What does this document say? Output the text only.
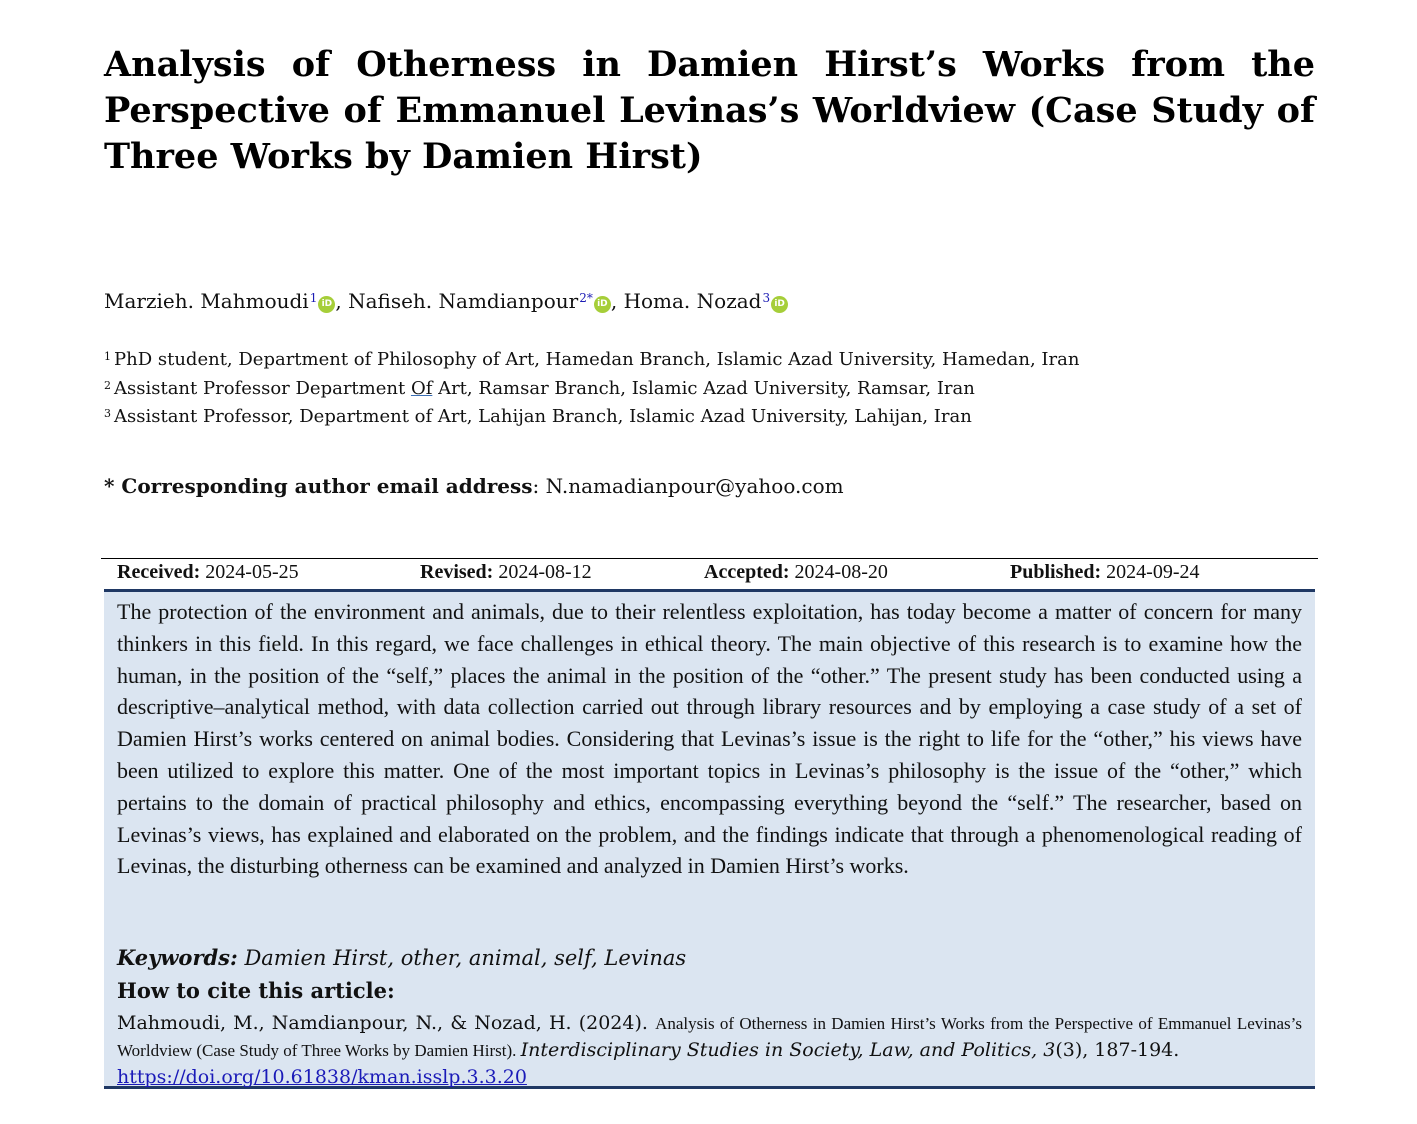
Analysis of Otherness in Damien Hirst’s Works from the Perspective of Emmanuel Levinas’s Worldview (Case Study of Three Works by Damien Hirst)
Marzieh. Mahmoudi$^1$ iD , Nafiseh. Namdianpour$^{2*}$ iD , Homa. Nozad$^3$ iD
$^1$ PhD student, Department of Philosophy of Art, Hamedan Branch, Islamic Azad University, Hamedan, Iran
$^2$ Assistant Professor Department Of Art, Ramsar Branch, Islamic Azad University, Ramsar, Iran
$^3$ Assistant Professor, Department of Art, Lahijan Branch, Islamic Azad University, Lahijan, Iran
* Corresponding author email address: N.namadianpour@yahoo.com
Received: 2024-05-25	Revised: 2024-08-12	Accepted: 2024-08-20	Published: 2024-09-24

The protection of the environment and animals, due to their relentless exploitation, has today become a matter of concern for many thinkers in this field. In this regard, we face challenges in ethical theory. The main objective of this research is to examine how the human, in the position of the “self,” places the animal in the position of the “other.” The present study has been conducted using a descriptive–analytical method, with data collection carried out through library resources and by employing a case study of a set of Damien Hirst’s works centered on animal bodies. Considering that Levinas’s issue is the right to life for the “other,” his views have been utilized to explore this matter. One of the most important topics in Levinas’s philosophy is the issue of the “other,” which pertains to the domain of practical philosophy and ethics, encompassing everything beyond the “self.” The researcher, based on Levinas’s views, has explained and elaborated on the problem, and the findings indicate that through a phenomenological reading of Levinas, the disturbing otherness can be examined and analyzed in Damien Hirst’s works.

Keywords: Damien Hirst, other, animal, self, Levinas
How to cite this article:

Mahmoudi, M., Namdianpour, N., & Nozad, H. (2024). Analysis of Otherness in Damien Hirst’s Works from the Perspective of Emmanuel Levinas’s Worldview (Case Study of Three Works by Damien Hirst). Interdisciplinary Studies in Society, Law, and Politics, 3(3), 187-194.
https://doi.org/10.61838/kman.isslp.3.3.20
